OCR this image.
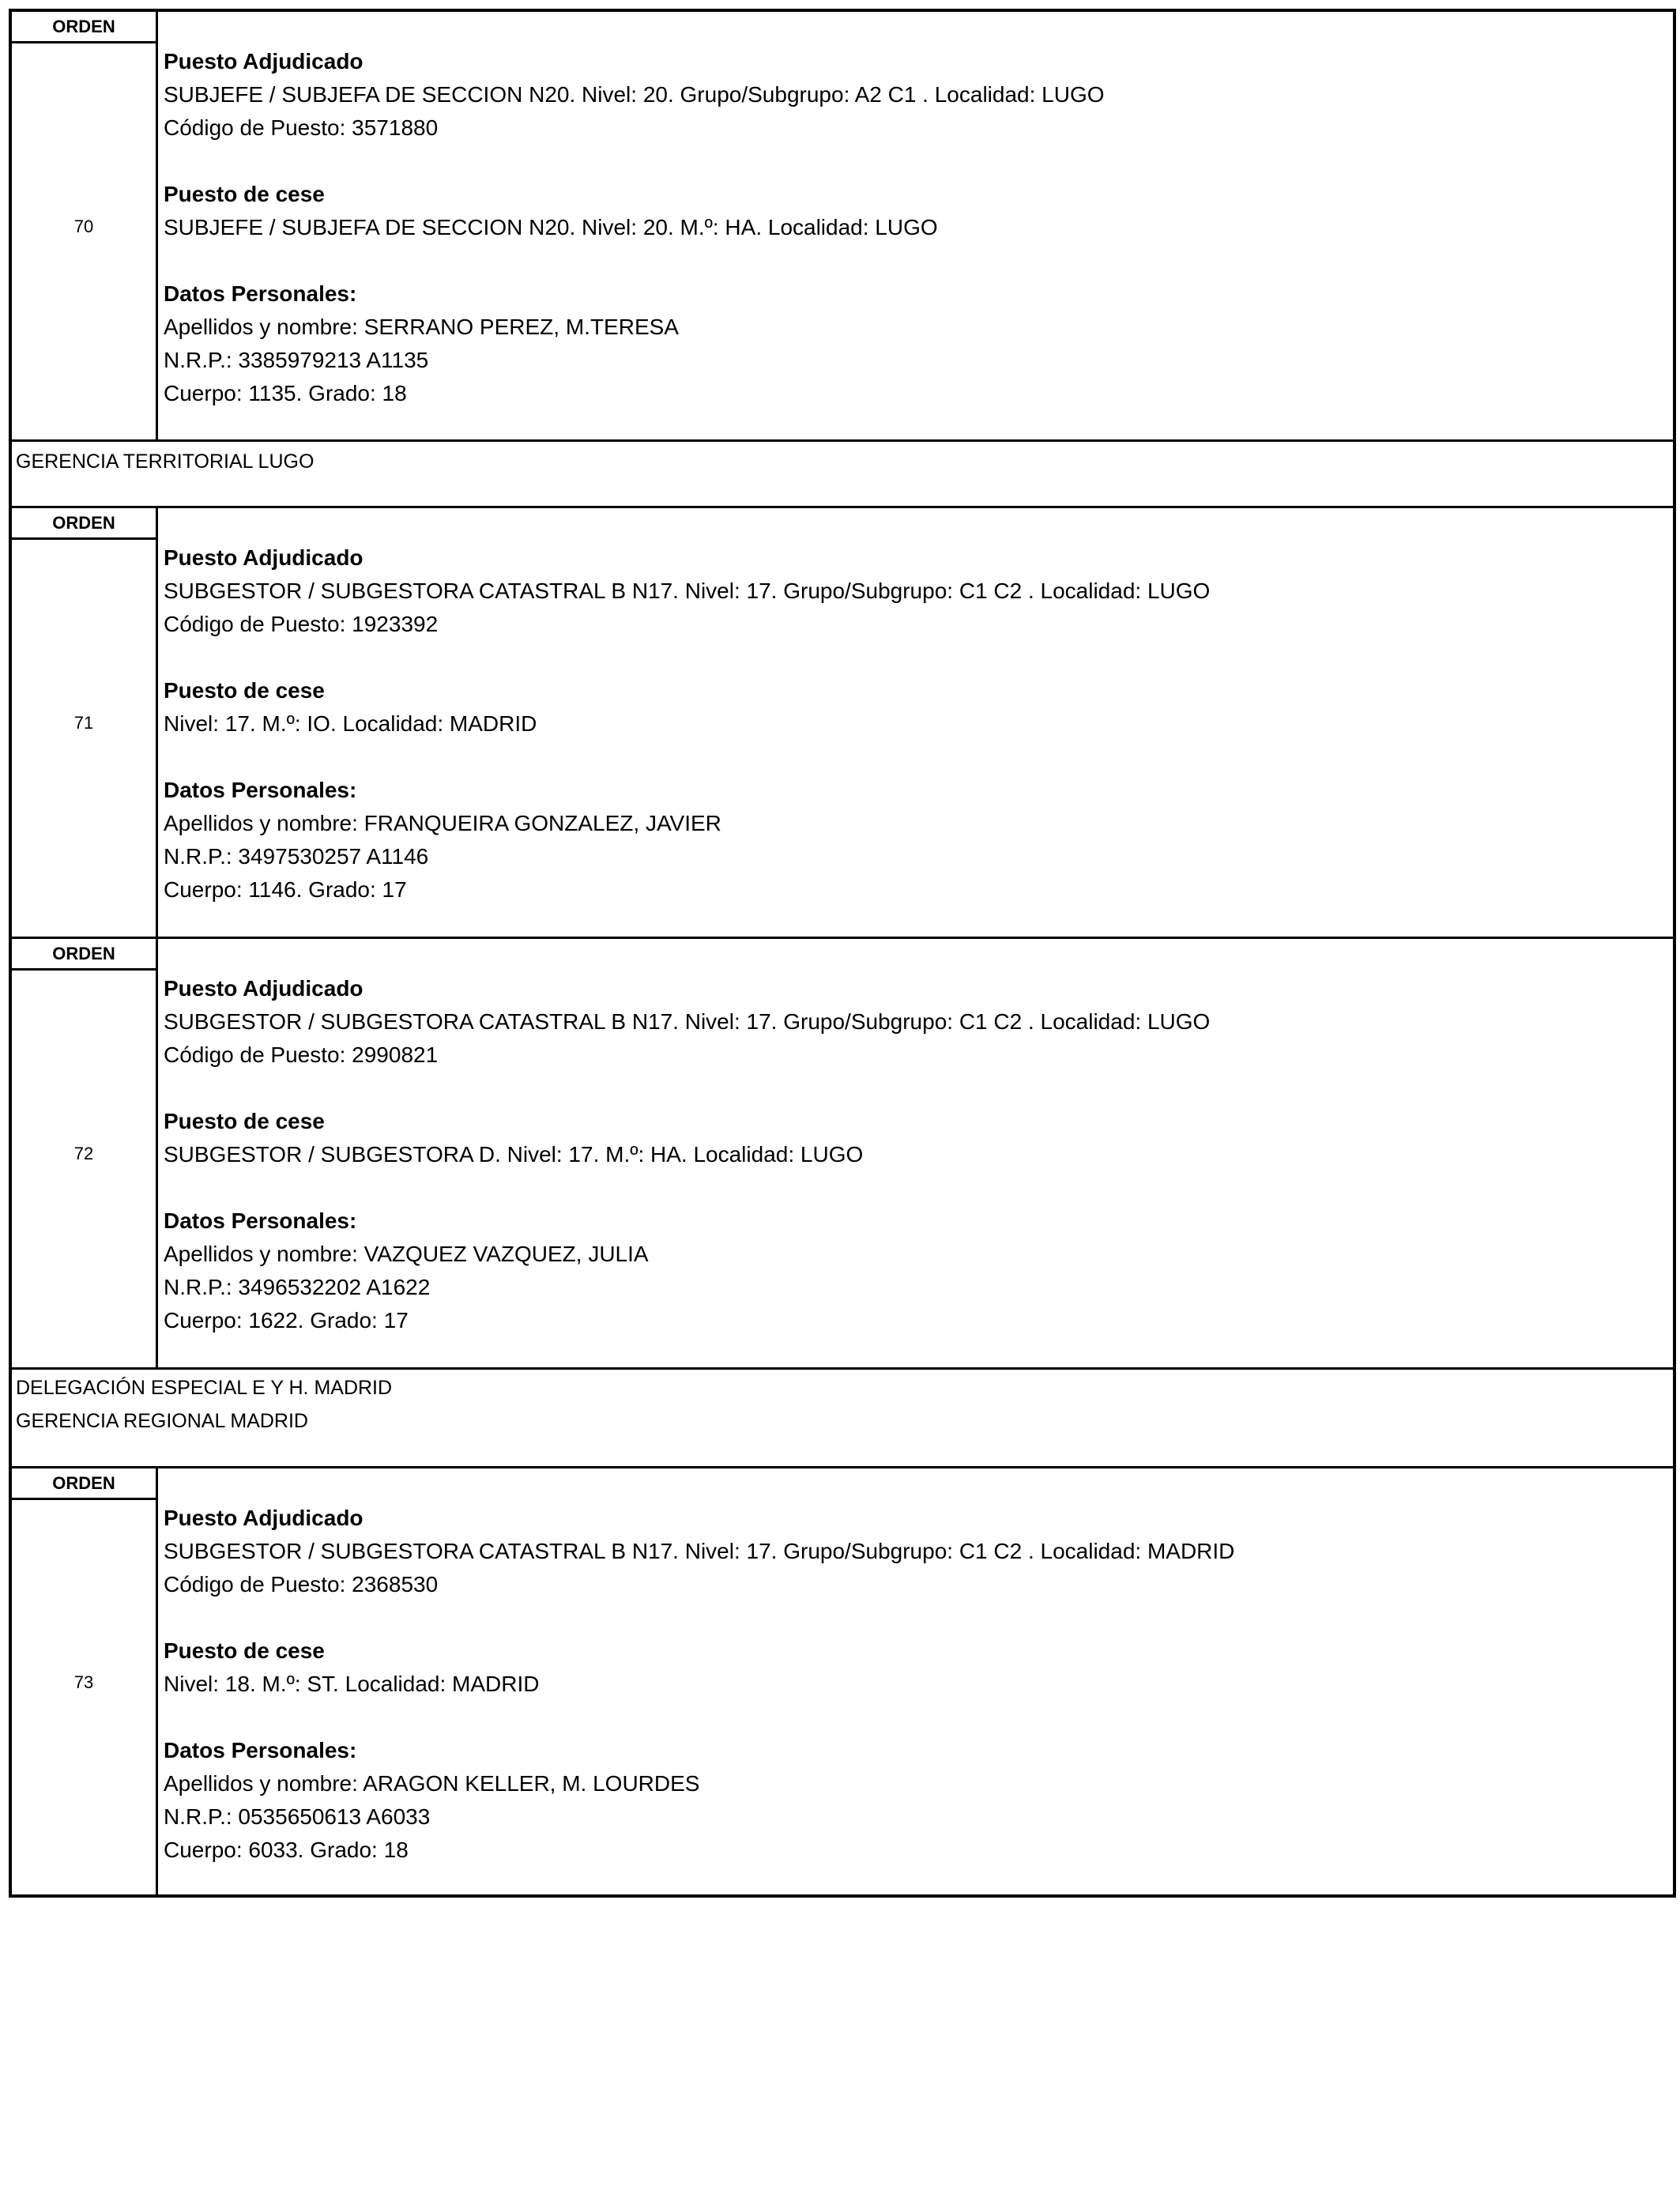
ORDEN
70
Puesto Adjudicado
SUBJEFE / SUBJEFA DE SECCION N20. Nivel: 20. Grupo/Subgrupo: A2 C1 . Localidad: LUGO
Código de Puesto: 3571880
Puesto de cese
SUBJEFE / SUBJEFA DE SECCION N20. Nivel: 20. M.º: HA. Localidad: LUGO
Datos Personales:
Apellidos y nombre: SERRANO PEREZ, M.TERESA
N.R.P.: 3385979213 A1135
Cuerpo: 1135. Grado: 18
GERENCIA TERRITORIAL LUGO
ORDEN
71
Puesto Adjudicado
SUBGESTOR / SUBGESTORA CATASTRAL B N17. Nivel: 17. Grupo/Subgrupo: C1 C2 . Localidad: LUGO
Código de Puesto: 1923392
Puesto de cese
Nivel: 17. M.º: IO. Localidad: MADRID
Datos Personales:
Apellidos y nombre: FRANQUEIRA GONZALEZ, JAVIER
N.R.P.: 3497530257 A1146
Cuerpo: 1146. Grado: 17
ORDEN
72
Puesto Adjudicado
SUBGESTOR / SUBGESTORA CATASTRAL B N17. Nivel: 17. Grupo/Subgrupo: C1 C2 . Localidad: LUGO
Código de Puesto: 2990821
Puesto de cese
SUBGESTOR / SUBGESTORA D. Nivel: 17. M.º: HA. Localidad: LUGO
Datos Personales:
Apellidos y nombre: VAZQUEZ VAZQUEZ, JULIA
N.R.P.: 3496532202 A1622
Cuerpo: 1622. Grado: 17
DELEGACIÓN ESPECIAL E Y H. MADRID
GERENCIA REGIONAL MADRID
ORDEN
73
Puesto Adjudicado
SUBGESTOR / SUBGESTORA CATASTRAL B N17. Nivel: 17. Grupo/Subgrupo: C1 C2 . Localidad: MADRID
Código de Puesto: 2368530
Puesto de cese
Nivel: 18. M.º: ST. Localidad: MADRID
Datos Personales:
Apellidos y nombre: ARAGON KELLER, M. LOURDES
N.R.P.: 0535650613 A6033
Cuerpo: 6033. Grado: 18
